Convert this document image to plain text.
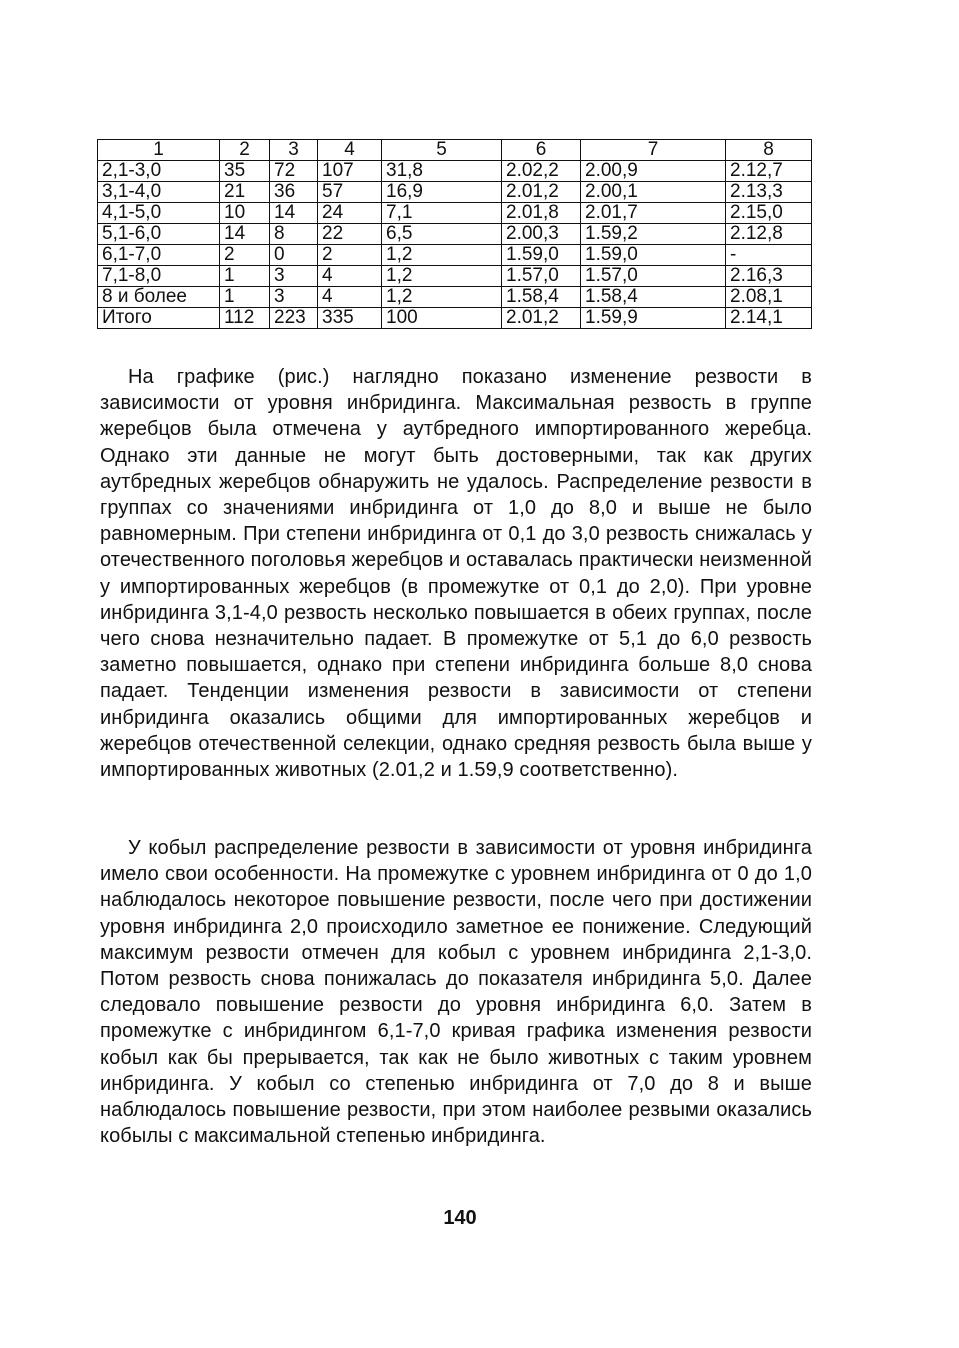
1	2	3	4	5	6	7	8
2,1-3,0	35	72	107	31,8	2.02,2	2.00,9	2.12,7
3,1-4,0	21	36	57	16,9	2.01,2	2.00,1	2.13,3
4,1-5,0	10	14	24	7,1	2.01,8	2.01,7	2.15,0
5,1-6,0	14	8	22	6,5	2.00,3	1.59,2	2.12,8
6,1-7,0	2	0	2	1,2	1.59,0	1.59,0	-
7,1-8,0	1	3	4	1,2	1.57,0	1.57,0	2.16,3
8 и более	1	3	4	1,2	1.58,4	1.58,4	2.08,1
Итого	112	223	335	100	2.01,2	1.59,9	2.14,1

На графике (рис.) наглядно показано изменение резвости в зависимости от уровня инбридинга. Максимальная резвость в группе жеребцов была отмечена у аутбредного импортированного жеребца. Однако эти данные не могут быть достоверными, так как других аутбредных жеребцов обнаружить не удалось. Распределение резвости в группах со значениями инбридинга от 1,0 до 8,0 и выше не было равномерным. При степени инбридинга от 0,1 до 3,0 резвость снижалась у отечественного поголовья жеребцов и оставалась практически неизменной у импортированных жеребцов (в промежутке от 0,1 до 2,0). При уровне инбридинга 3,1-4,0 резвость несколько повышается в обеих группах, после чего снова незначительно падает. В промежутке от 5,1 до 6,0 резвость заметно повышается, однако при степени инбридинга больше 8,0 снова падает. Тенденции изменения резвости в зависимости от степени инбридинга оказались общими для импортированных жеребцов и жеребцов отечественной селекции, однако средняя резвость была выше у импортированных животных (2.01,2 и 1.59,9 соответственно).

У кобыл распределение резвости в зависимости от уровня инбридинга имело свои особенности. На промежутке с уровнем инбридинга от 0 до 1,0 наблюдалось некоторое повышение резвости, после чего при достижении уровня инбридинга 2,0 происходило заметное ее понижение. Следующий максимум резвости отмечен для кобыл с уровнем инбридинга 2,1-3,0. Потом резвость снова понижалась до показателя инбридинга 5,0. Далее следовало повышение резвости до уровня инбридинга 6,0. Затем в промежутке с инбридингом 6,1-7,0 кривая графика изменения резвости кобыл как бы прерывается, так как не было животных с таким уровнем инбридинга. У кобыл со степенью инбридинга от 7,0 до 8 и выше наблюдалось повышение резвости, при этом наиболее резвыми оказались кобылы с максимальной степенью инбридинга.

140
